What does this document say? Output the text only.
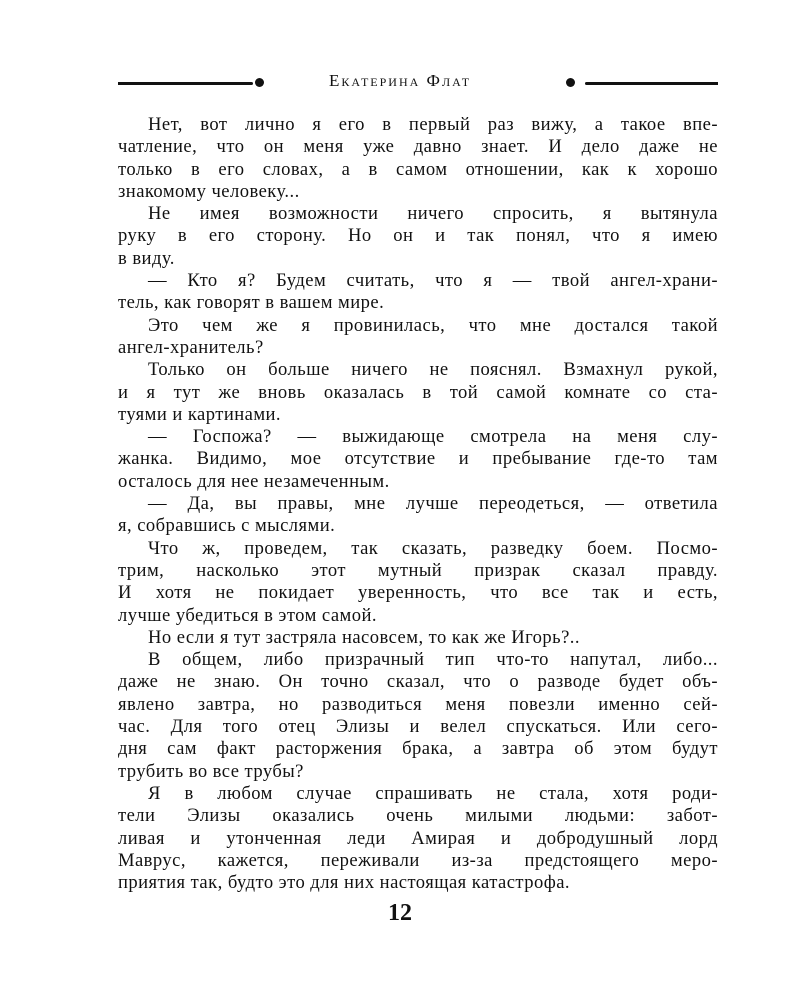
Екатерина Флат
Нет, вот лично я его в первый раз вижу, а такое впе-
чатление, что он меня уже давно знает. И дело даже не
только в его словах, а в самом отношении, как к хорошо
знакомому человеку...
Не имея возможности ничего спросить, я вытянула
руку в его сторону. Но он и так понял, что я имею
в виду.
— Кто я? Будем считать, что я — твой ангел-храни-
тель, как говорят в вашем мире.
Это чем же я провинилась, что мне достался такой
ангел-хранитель?
Только он больше ничего не пояснял. Взмахнул рукой,
и я тут же вновь оказалась в той самой комнате со ста-
туями и картинами.
— Госпожа? — выжидающе смотрела на меня слу-
жанка. Видимо, мое отсутствие и пребывание где-то там
осталось для нее незамеченным.
— Да, вы правы, мне лучше переодеться, — ответила
я, собравшись с мыслями.
Что ж, проведем, так сказать, разведку боем. Посмо-
трим, насколько этот мутный призрак сказал правду.
И хотя не покидает уверенность, что все так и есть,
лучше убедиться в этом самой.
Но если я тут застряла насовсем, то как же Игорь?..
В общем, либо призрачный тип что-то напутал, либо...
даже не знаю. Он точно сказал, что о разводе будет объ-
явлено завтра, но разводиться меня повезли именно сей-
час. Для того отец Элизы и велел спускаться. Или сего-
дня сам факт расторжения брака, а завтра об этом будут
трубить во все трубы?
Я в любом случае спрашивать не стала, хотя роди-
тели Элизы оказались очень милыми людьми: забот-
ливая и утонченная леди Амирая и добродушный лорд
Маврус, кажется, переживали из-за предстоящего меро-
приятия так, будто это для них настоящая катастрофа.
12
